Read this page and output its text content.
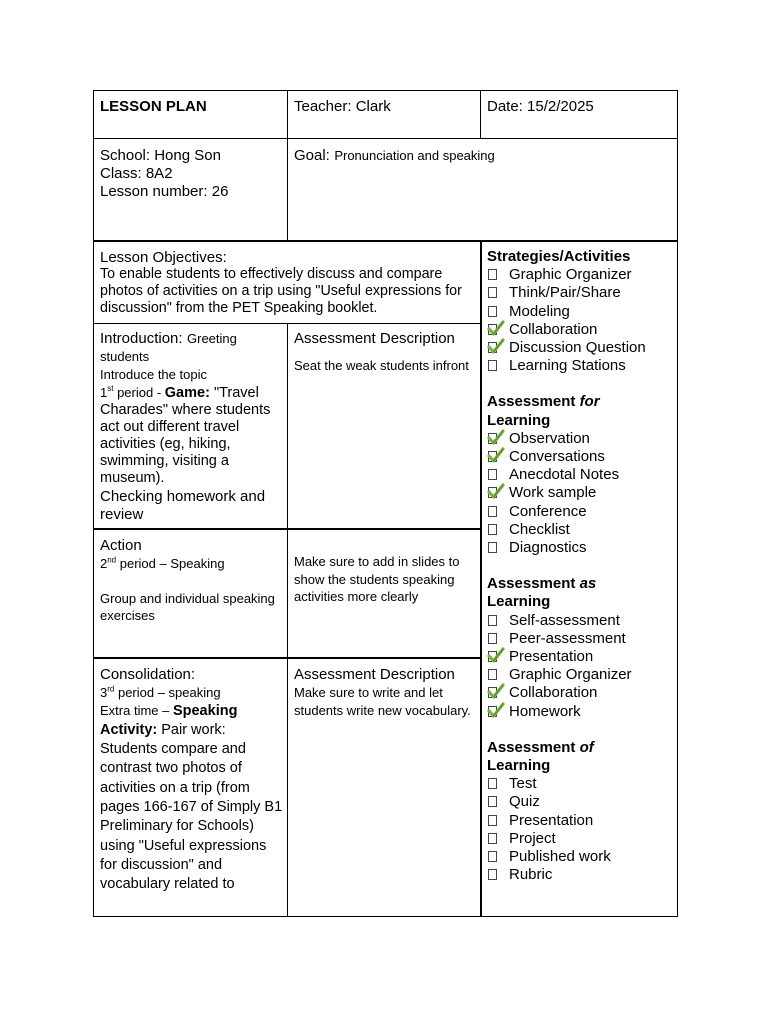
LESSON PLAN	Teacher: Clark	Date: 15/2/2025
School: Hong Son
Class: 8A2
Lesson number: 26
Goal: Pronunciation and speaking
Lesson Objectives:
To enable students to effectively discuss and compare photos of activities on a trip using "Useful expressions for discussion" from the PET Speaking booklet.
Introduction: Greeting students
Introduce the topic
1st period - Game: "Travel Charades" where students act out different travel activities (eg, hiking, swimming, visiting a museum).
Checking homework and review
Assessment Description
Seat the weak students infront
Action
2nd period – Speaking
Group and individual speaking exercises
Make sure to add in slides to show the students speaking activities more clearly
Consolidation:
3rd period – speaking
Extra time – Speaking Activity: Pair work: Students compare and contrast two photos of activities on a trip (from pages 166-167 of Simply B1 Preliminary for Schools) using "Useful expressions for discussion" and vocabulary related to
Assessment Description
Make sure to write and let students write new vocabulary.
Strategies/Activities
Graphic Organizer
Think/Pair/Share
Modeling
Collaboration
Discussion Question
Learning Stations
Assessment for
Learning
Observation
Conversations
Anecdotal Notes
Work sample
Conference
Checklist
Diagnostics
Assessment as
Learning
Self-assessment
Peer-assessment
Presentation
Graphic Organizer
Collaboration
Homework
Assessment of
Learning
Test
Quiz
Presentation
Project
Published work
Rubric
